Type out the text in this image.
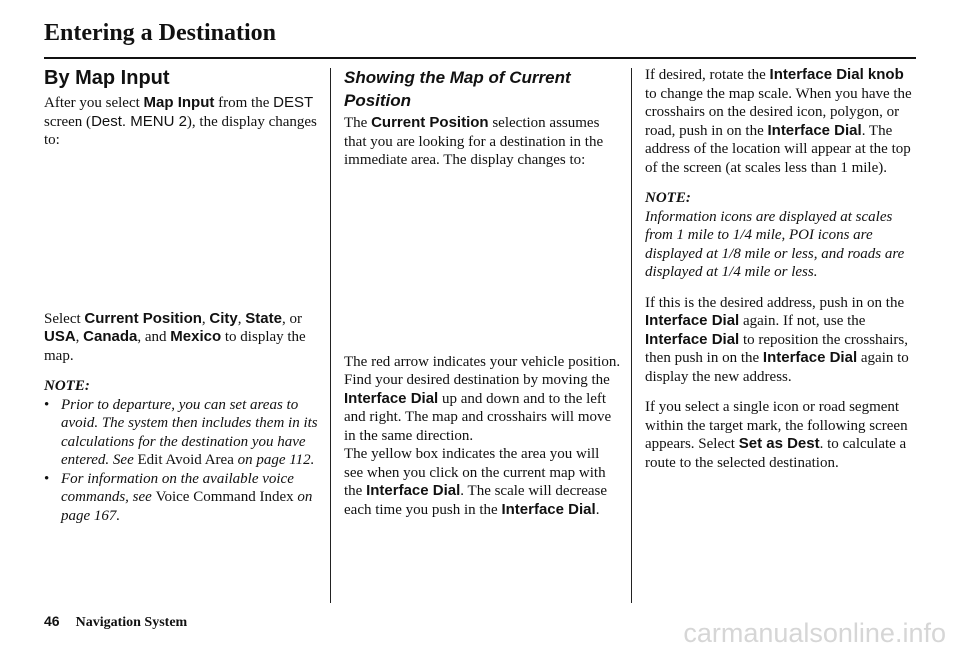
Entering a Destination
By Map Input

After you select Map Input from the DEST screen (Dest. MENU 2), the display changes to:

Select Current Position, City, State, or USA, Canada, and Mexico to display the map.

NOTE:

• Prior to departure, you can set areas to avoid. The system then includes them in its calculations for the destination you have entered. See Edit Avoid Area on page 112.
• For information on the available voice commands, see Voice Command Index on page 167.
Showing the Map of Current Position

The Current Position selection assumes that you are looking for a destination in the immediate area. The display changes to:

The red arrow indicates your vehicle position. Find your desired destination by moving the Interface Dial up and down and to the left and right. The map and crosshairs will move in the same direction.

The yellow box indicates the area you will see when you click on the current map with the Interface Dial. The scale will decrease each time you push in the Interface Dial.

If desired, rotate the Interface Dial knob to change the map scale. When you have the crosshairs on the desired icon, polygon, or road, push in on the Interface Dial. The address of the location will appear at the top of the screen (at scales less than 1 mile).

NOTE:

Information icons are displayed at scales from 1 mile to 1/4 mile, POI icons are displayed at 1/8 mile or less, and roads are displayed at 1/4 mile or less.

If this is the desired address, push in on the Interface Dial again. If not, use the Interface Dial to reposition the crosshairs, then push in on the Interface Dial again to display the new address.

If you select a single icon or road segment within the target mark, the following screen appears. Select Set as Dest. to calculate a route to the selected destination.

46 Navigation System	carmanualsonline.info
